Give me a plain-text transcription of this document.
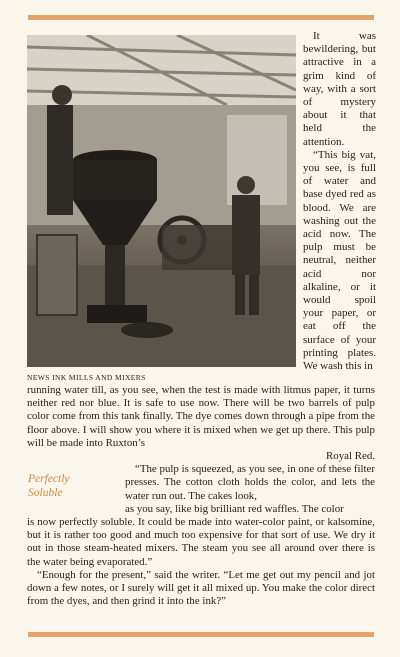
NEWS INK MILLS AND MIXERS

It was bewildering, but attractive in a grim kind of way, with a sort of mystery about it that held the attention.

“This big vat, you see, is full of water and base dyed red as blood. We are washing out the acid now. The pulp must be neutral, neither acid nor alkaline, or it would spoil your paper, or eat off the surface of your printing plates. We wash this in

Perfectly
Soluble

running water till, as you see, when the test is made with litmus paper, it turns neither red nor blue. It is safe to use now. There will be two barrels of pulp color come from this tank finally. The dye comes down through a pipe from the floor above. I will show you where it is mixed when we get up there. This pulp will be made into Ruxton’s

Royal Red.

“The pulp is squeezed, as you see, in one of these filter presses. The cotton cloth holds the color, and lets the water run out. The cakes look,

as you say, like big brilliant red waffles. The color

is now perfectly soluble. It could be made into water-color paint, or kalsomine, but it is rather too good and much too expensive for that sort of use. We dry it out in those steam-heated mixers. The steam you see all around over there is the water being evaporated.”

“Enough for the present,” said the writer. “Let me get out my pencil and jot down a few notes, or I surely will get it all mixed up. You make the color direct from the dyes, and then grind it into the ink?”
